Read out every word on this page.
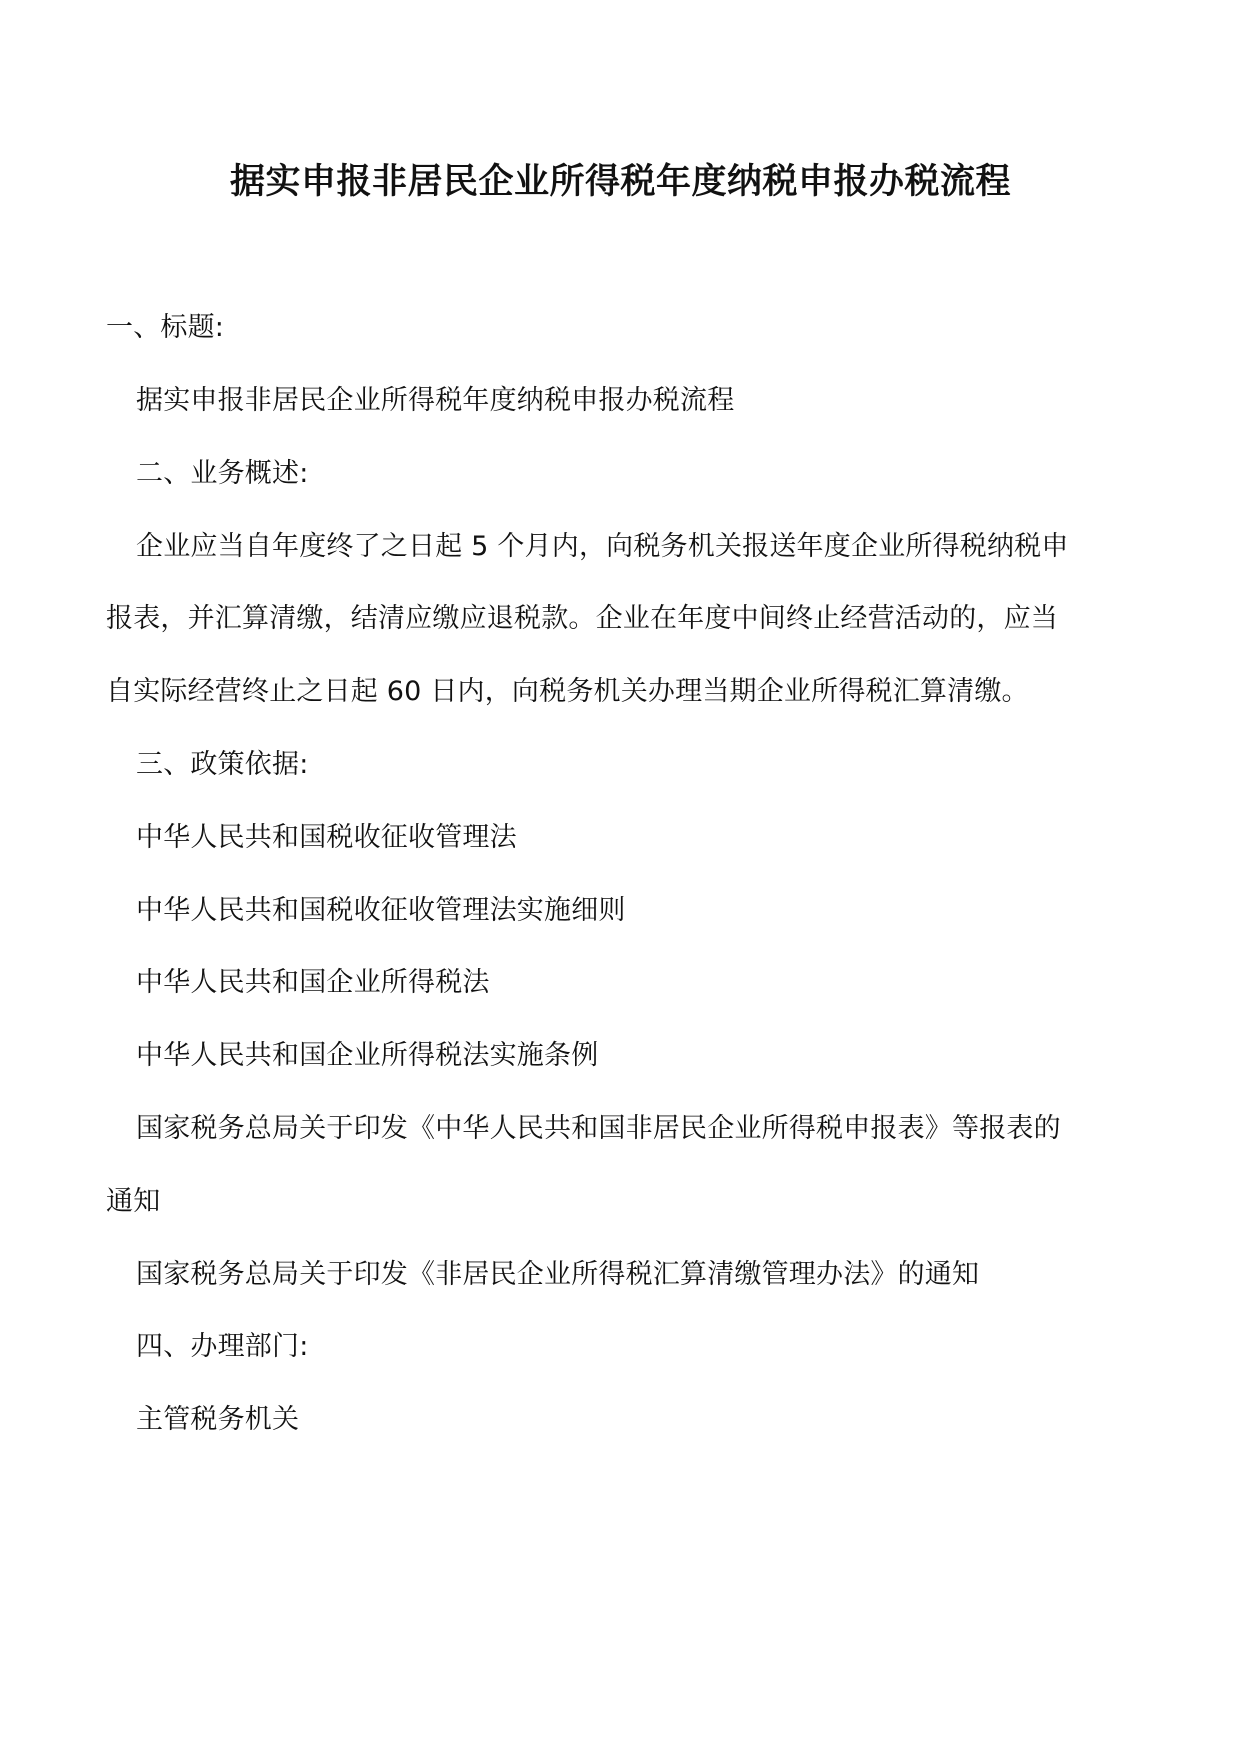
据实申报非居民企业所得税年度纳税申报办税流程
一、标题:
据实申报非居民企业所得税年度纳税申报办税流程
二、业务概述:
企业应当自年度终了之日起 5 个月内，向税务机关报送年度企业所得税纳税申
报表，并汇算清缴，结清应缴应退税款。企业在年度中间终止经营活动的，应当
自实际经营终止之日起 60 日内，向税务机关办理当期企业所得税汇算清缴。
三、政策依据:
中华人民共和国税收征收管理法
中华人民共和国税收征收管理法实施细则
中华人民共和国企业所得税法
中华人民共和国企业所得税法实施条例
国家税务总局关于印发《中华人民共和国非居民企业所得税申报表》等报表的
通知
国家税务总局关于印发《非居民企业所得税汇算清缴管理办法》的通知
四、办理部门:
主管税务机关
